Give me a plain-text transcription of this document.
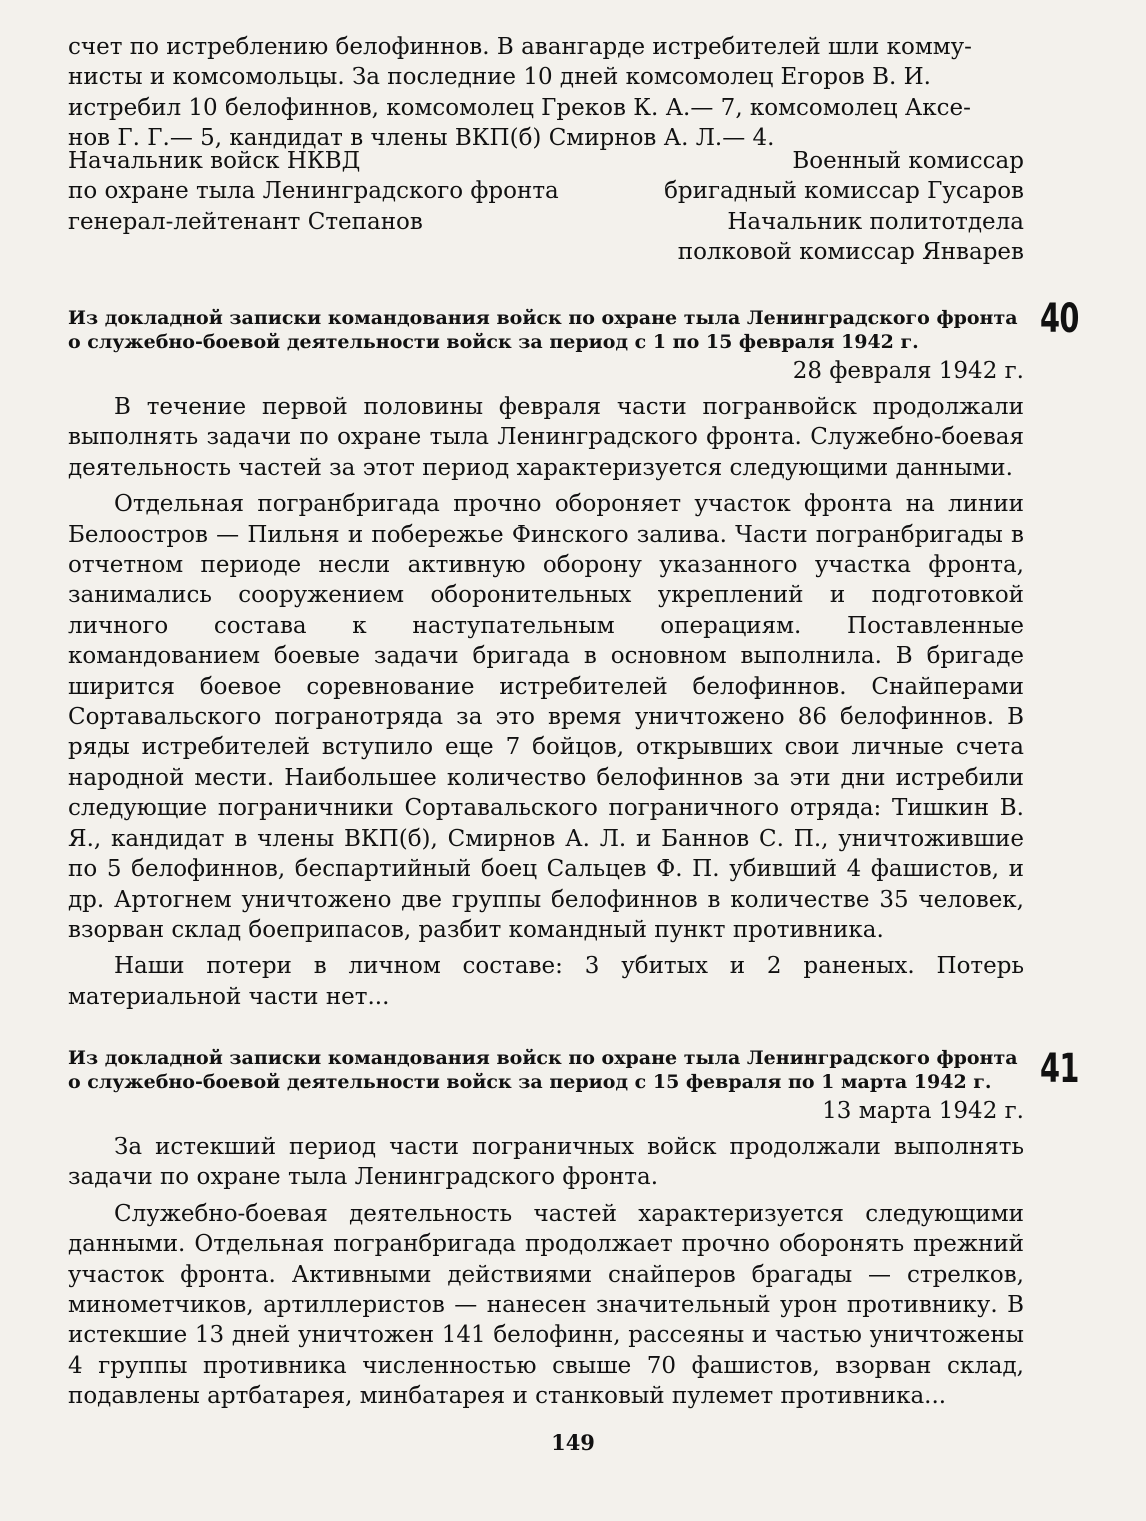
счет по истреблению белофиннов. В авангарде истребителей шли комму-

нисты и комсомольцы. За последние 10 дней комсомолец Егоров В. И.

истребил 10 белофиннов, комсомолец Греков К. А.— 7, комсомолец Аксе-

нов Г. Г.— 5, кандидат в члены ВКП(б) Смирнов А. Л.— 4.

Начальник войск НКВД	Военный комиссар
по охране тыла Ленинградского фронта	бригадный комиссар Гусаров
генерал-лейтенант Степанов	Начальник политотдела
полковой комиссар Январев
40
Из докладной записки командования войск по охране тыла Ленинградского фронта
о служебно-боевой деятельности войск за период с 1 по 15 февраля 1942 г.
28 февраля 1942 г.

В течение первой половины февраля части погранвойск продолжали выполнять задачи по охране тыла Ленинградского фронта. Служебно-боевая деятельность частей за этот период характеризуется следующими данными.

Отдельная погранбригада прочно обороняет участок фронта на линии Белоостров — Пильня и побережье Финского залива. Части погранбригады в отчетном периоде несли активную оборону указанного участка фронта, занимались сооружением оборонительных укреплений и подготовкой личного состава к наступательным операциям. Поставленные командованием боевые задачи бригада в основном выполнила. В бригаде ширится боевое соревнование истребителей белофиннов. Снайперами Сортавальского погранотряда за это время уничтожено 86 белофиннов. В ряды истребителей вступило еще 7 бойцов, открывших свои личные счета народной мести. Наибольшее количество белофиннов за эти дни истребили следующие пограничники Сортавальского пограничного отряда: Тишкин В. Я., кандидат в члены ВКП(б), Смирнов А. Л. и Баннов С. П., уничтожившие по 5 белофиннов, беспартийный боец Сальцев Ф. П. убивший 4 фашистов, и др. Артогнем уничтожено две группы белофиннов в количестве 35 человек, взорван склад боеприпасов, разбит командный пункт противника.

Наши потери в личном составе: 3 убитых и 2 раненых. Потерь материальной части нет...

41
Из докладной записки командования войск по охране тыла Ленинградского фронта
о служебно-боевой деятельности войск за период с 15 февраля по 1 марта 1942 г.
13 марта 1942 г.

За истекший период части пограничных войск продолжали выполнять задачи по охране тыла Ленинградского фронта.

Служебно-боевая деятельность частей характеризуется следующими данными. Отдельная погранбригада продолжает прочно оборонять прежний участок фронта. Активными действиями снайперов брагады — стрелков, минометчиков, артиллеристов — нанесен значительный урон противнику. В истекшие 13 дней уничтожен 141 белофинн, рассеяны и частью уничтожены 4 группы противника численностью свыше 70 фашистов, взорван склад, подавлены артбатарея, минбатарея и станковый пулемет противника...

149
